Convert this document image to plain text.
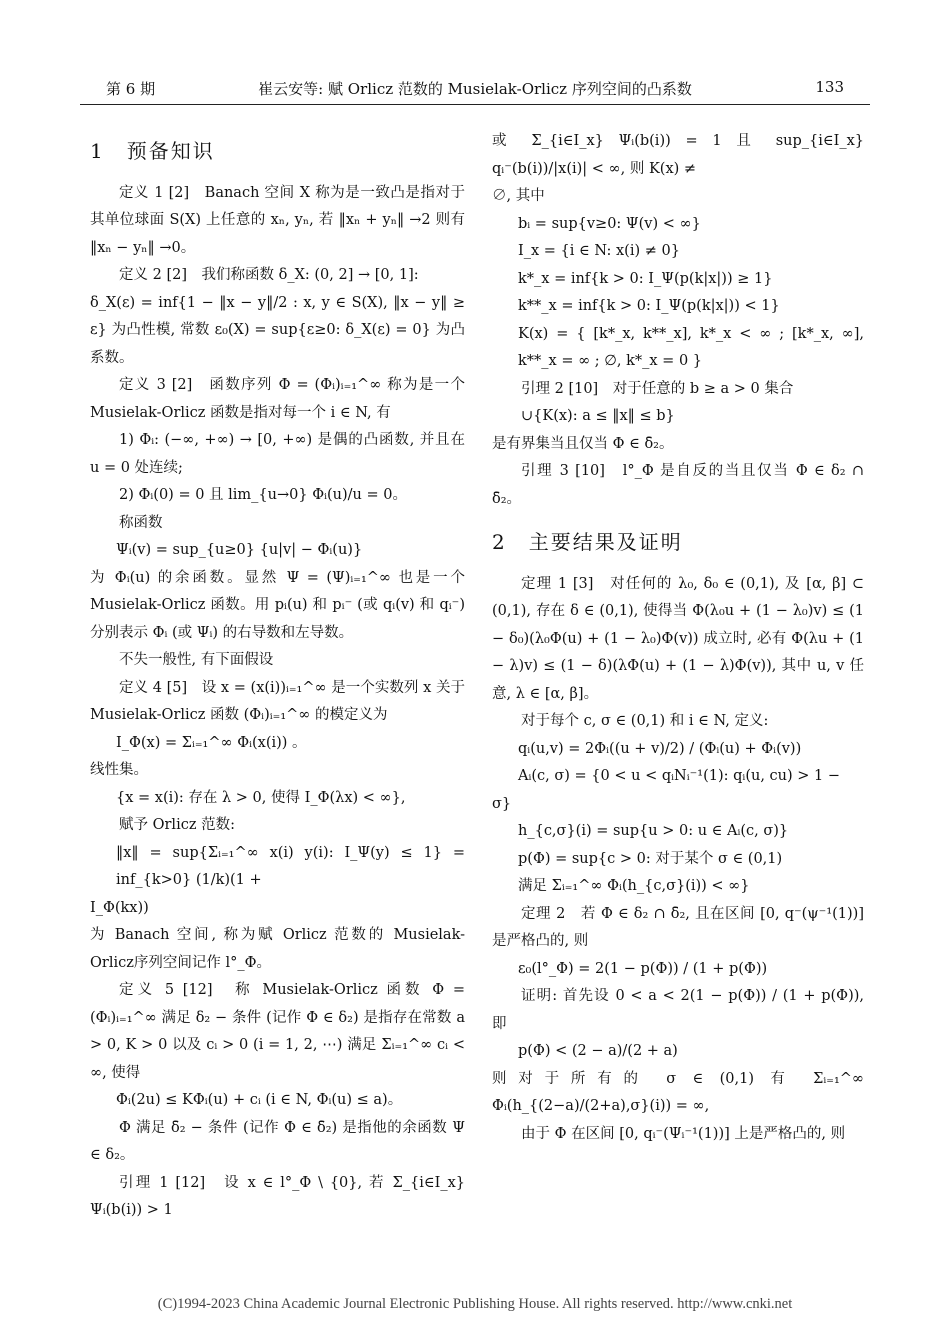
第 6 期	崔云安等: 赋 Orlicz 范数的 Musielak-Orlicz 序列空间的凸系数	133
1 预备知识

定义 1 [2]　Banach 空间 X 称为是一致凸是指对于其单位球面 S(X) 上任意的 xₙ, yₙ, 若 ‖xₙ + yₙ‖ →2 则有 ‖xₙ − yₙ‖ →0。

定义 2 [2]　我们称函数 δ_X: (0, 2] → [0, 1]:

δ_X(ε) = inf{1 − ‖x − y‖/2 : x, y ∈ S(X), ‖x − y‖ ≥ ε} 为凸性模, 常数 ε₀(X) = sup{ε≥0: δ_X(ε) = 0} 为凸系数。

定义 3 [2]　函数序列 Φ = (Φᵢ)ᵢ₌₁^∞ 称为是一个 Musielak-Orlicz 函数是指对每一个 i ∈ N, 有

1) Φᵢ: (−∞, +∞) → [0, +∞) 是偶的凸函数, 并且在 u = 0 处连续;

2) Φᵢ(0) = 0 且 lim_{u→0} Φᵢ(u)/u = 0。

称函数

Ψᵢ(v) = sup_{u≥0} {u|v| − Φᵢ(u)}

为 Φᵢ(u) 的余函数。显然 Ψ = (Ψ)ᵢ₌₁^∞ 也是一个 Musielak-Orlicz 函数。用 pᵢ(u) 和 pᵢ⁻ (或 qᵢ(v) 和 qᵢ⁻) 分别表示 Φᵢ (或 Ψᵢ) 的右导数和左导数。

不失一般性, 有下面假设

定义 4 [5]　设 x = (x(i))ᵢ₌₁^∞ 是一个实数列 x 关于 Musielak-Orlicz 函数 (Φᵢ)ᵢ₌₁^∞ 的模定义为

I_Φ(x) = Σᵢ₌₁^∞ Φᵢ(x(i)) 。

线性集。

{x = x(i): 存在 λ > 0, 使得 I_Φ(λx) < ∞},

赋予 Orlicz 范数:

‖x‖ = sup{Σᵢ₌₁^∞ x(i) y(i): I_Ψ(y) ≤ 1} = inf_{k>0} (1/k)(1 +

I_Φ(kx))

为 Banach 空间, 称为赋 Orlicz 范数的 Musielak-Orlicz序列空间记作 l°_Φ。

定义 5 [12]　称 Musielak-Orlicz 函数 Φ = (Φᵢ)ᵢ₌₁^∞ 满足 δ₂ − 条件 (记作 Φ ∈ δ₂) 是指存在常数 a > 0, K > 0 以及 cᵢ > 0 (i = 1, 2, ⋯) 满足 Σᵢ₌₁^∞ cᵢ < ∞, 使得

Φᵢ(2u) ≤ KΦᵢ(u) + cᵢ (i ∈ N, Φᵢ(u) ≤ a)。

Φ 满足 δ̄₂ − 条件 (记作 Φ ∈ δ̄₂) 是指他的余函数 Ψ ∈ δ₂。

引理 1 [12]　设 x ∈ l°_Φ \ {0}, 若 Σ_{i∈I_x} Ψᵢ(b(i)) > 1

或 Σ_{i∈I_x} Ψᵢ(b(i)) = 1 且 sup_{i∈I_x} qᵢ⁻(b(i))/|x(i)| < ∞, 则 K(x) ≠

∅, 其中

bᵢ = sup{v≥0: Ψ(v) < ∞}

I_x = {i ∈ N: x(i) ≠ 0}

k*_x = inf{k > 0: I_Ψ(p(k|x|)) ≥ 1}

k**_x = inf{k > 0: I_Ψ(p(k|x|)) < 1}

K(x) = { [k*_x, k**_x], k*_x < ∞ ; [k*_x, ∞], k**_x = ∞ ; ∅, k*_x = 0 }

引理 2 [10]　对于任意的 b ≥ a > 0 集合

∪{K(x): a ≤ ‖x‖ ≤ b}

是有界集当且仅当 Φ ∈ δ̄₂。

引理 3 [10]　l°_Φ 是自反的当且仅当 Φ ∈ δ₂ ∩ δ̄₂。

2 主要结果及证明

定理 1 [3]　对任何的 λ₀, δ₀ ∈ (0,1), 及 [α, β] ⊂ (0,1), 存在 δ ∈ (0,1), 使得当 Φ(λ₀u + (1 − λ₀)v) ≤ (1 − δ₀)(λ₀Φ(u) + (1 − λ₀)Φ(v)) 成立时, 必有 Φ(λu + (1 − λ)v) ≤ (1 − δ)(λΦ(u) + (1 − λ)Φ(v)), 其中 u, v 任意, λ ∈ [α, β]。

对于每个 c, σ ∈ (0,1) 和 i ∈ N, 定义:

qᵢ(u,v) = 2Φᵢ((u + v)/2) / (Φᵢ(u) + Φᵢ(v))

Aᵢ(c, σ) = {0 < u < qᵢNᵢ⁻¹(1): qᵢ(u, cu) > 1 −

σ}

h_{c,σ}(i) = sup{u > 0: u ∈ Aᵢ(c, σ)}

p(Φ) = sup{c > 0: 对于某个 σ ∈ (0,1)

满足 Σᵢ₌₁^∞ Φᵢ(h_{c,σ}(i)) < ∞}

定理 2　若 Φ ∈ δ₂ ∩ δ̄₂, 且在区间 [0, q⁻(ψ⁻¹(1))] 是严格凸的, 则

ε₀(l°_Φ) = 2(1 − p(Φ)) / (1 + p(Φ))

证明: 首先设 0 < a < 2(1 − p(Φ)) / (1 + p(Φ)), 即

p(Φ) < (2 − a)/(2 + a)

则对于所有的 σ ∈ (0,1) 有 Σᵢ₌₁^∞ Φᵢ(h_{(2−a)/(2+a),σ}(i)) = ∞,

由于 Φ 在区间 [0, qᵢ⁻(Ψᵢ⁻¹(1))] 上是严格凸的, 则

(C)1994-2023 China Academic Journal Electronic Publishing House. All rights reserved. http://www.cnki.net
